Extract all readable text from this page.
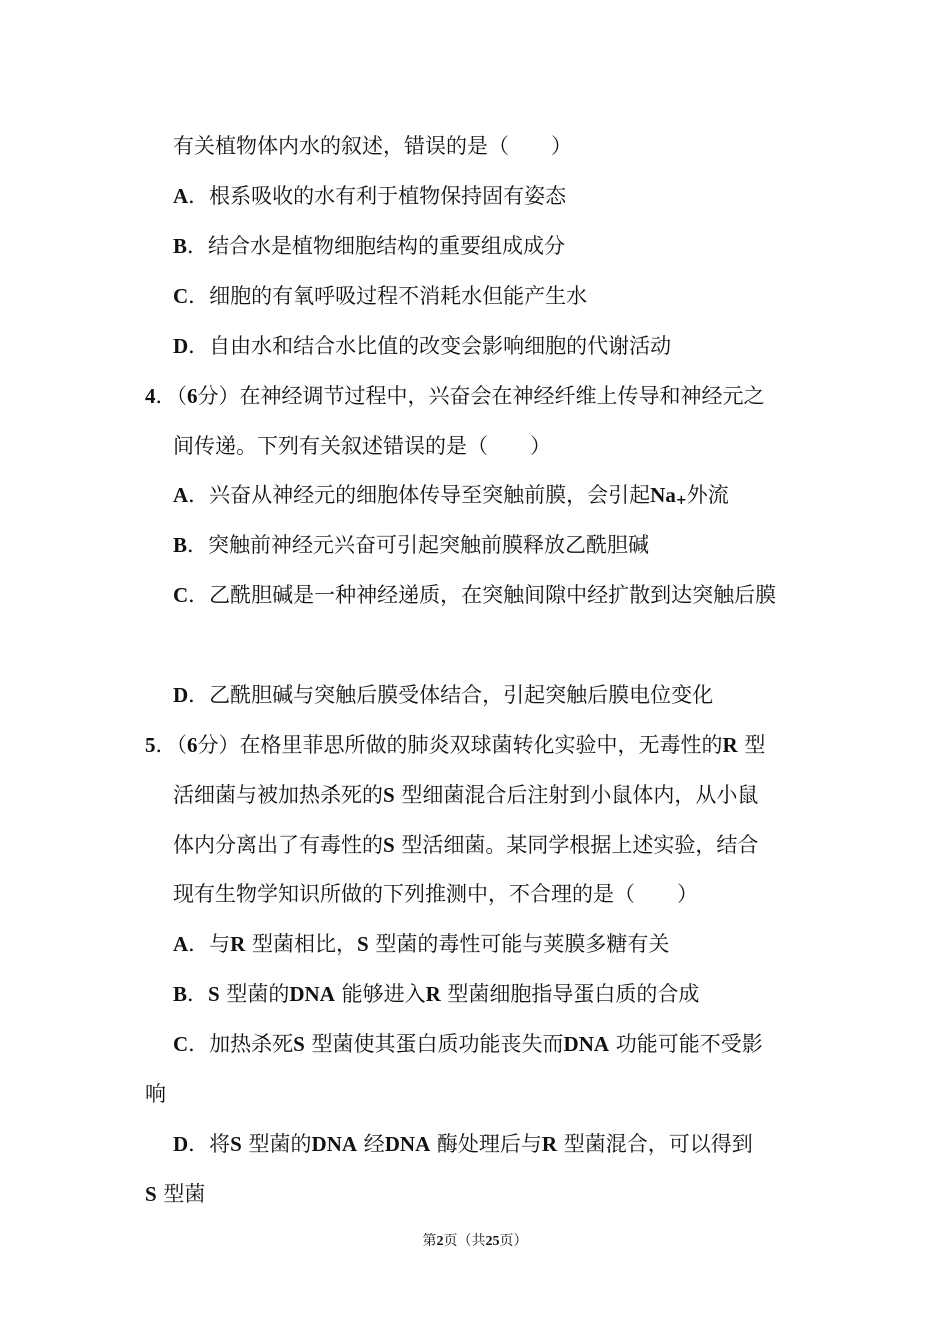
有关植物体内水的叙述，错误的是（　　）
A．根系吸收的水有利于植物保持固有姿态
B．结合水是植物细胞结构的重要组成成分
C．细胞的有氧呼吸过程不消耗水但能产生水
D．自由水和结合水比值的改变会影响细胞的代谢活动
4．（6分）在神经调节过程中，兴奋会在神经纤维上传导和神经元之
间传递。下列有关叙述错误的是（　　）
A．兴奋从神经元的细胞体传导至突触前膜，会引起Na+外流
B．突触前神经元兴奋可引起突触前膜释放乙酰胆碱
C．乙酰胆碱是一种神经递质，在突触间隙中经扩散到达突触后膜
D．乙酰胆碱与突触后膜受体结合，引起突触后膜电位变化
5．（6分）在格里菲思所做的肺炎双球菌转化实验中，无毒性的R 型
活细菌与被加热杀死的S 型细菌混合后注射到小鼠体内，从小鼠
体内分离出了有毒性的S 型活细菌。某同学根据上述实验，结合
现有生物学知识所做的下列推测中，不合理的是（　　）
A．与R 型菌相比，S 型菌的毒性可能与荚膜多糖有关
B．S 型菌的DNA 能够进入R 型菌细胞指导蛋白质的合成
C．加热杀死S 型菌使其蛋白质功能丧失而DNA 功能可能不受影
响
D．将S 型菌的DNA 经DNA 酶处理后与R 型菌混合，可以得到
S 型菌
第2页（共25页）
